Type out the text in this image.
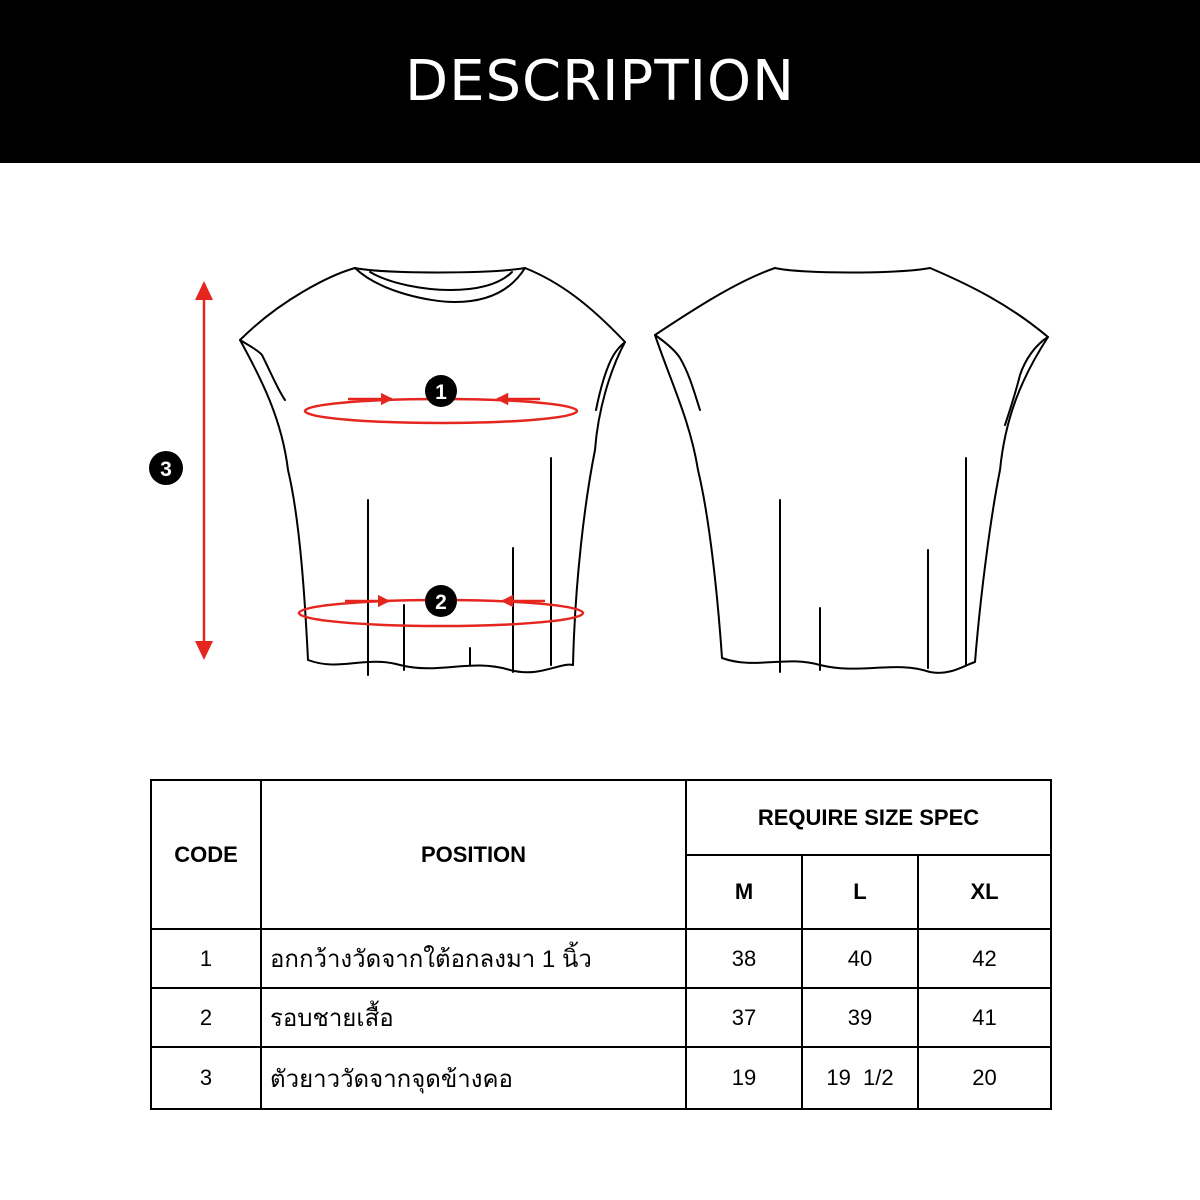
DESCRIPTION
1
2
3
CODE	POSITION	REQUIRE SIZE SPEC		
		M	L	XL
1	อกกว้างวัดจากใต้อกลงมา 1 นิ้ว	38	40	42
2	รอบชายเสื้อ	37	39	41
3	ตัวยาววัดจากจุดข้างคอ	19	19  1/2	20
